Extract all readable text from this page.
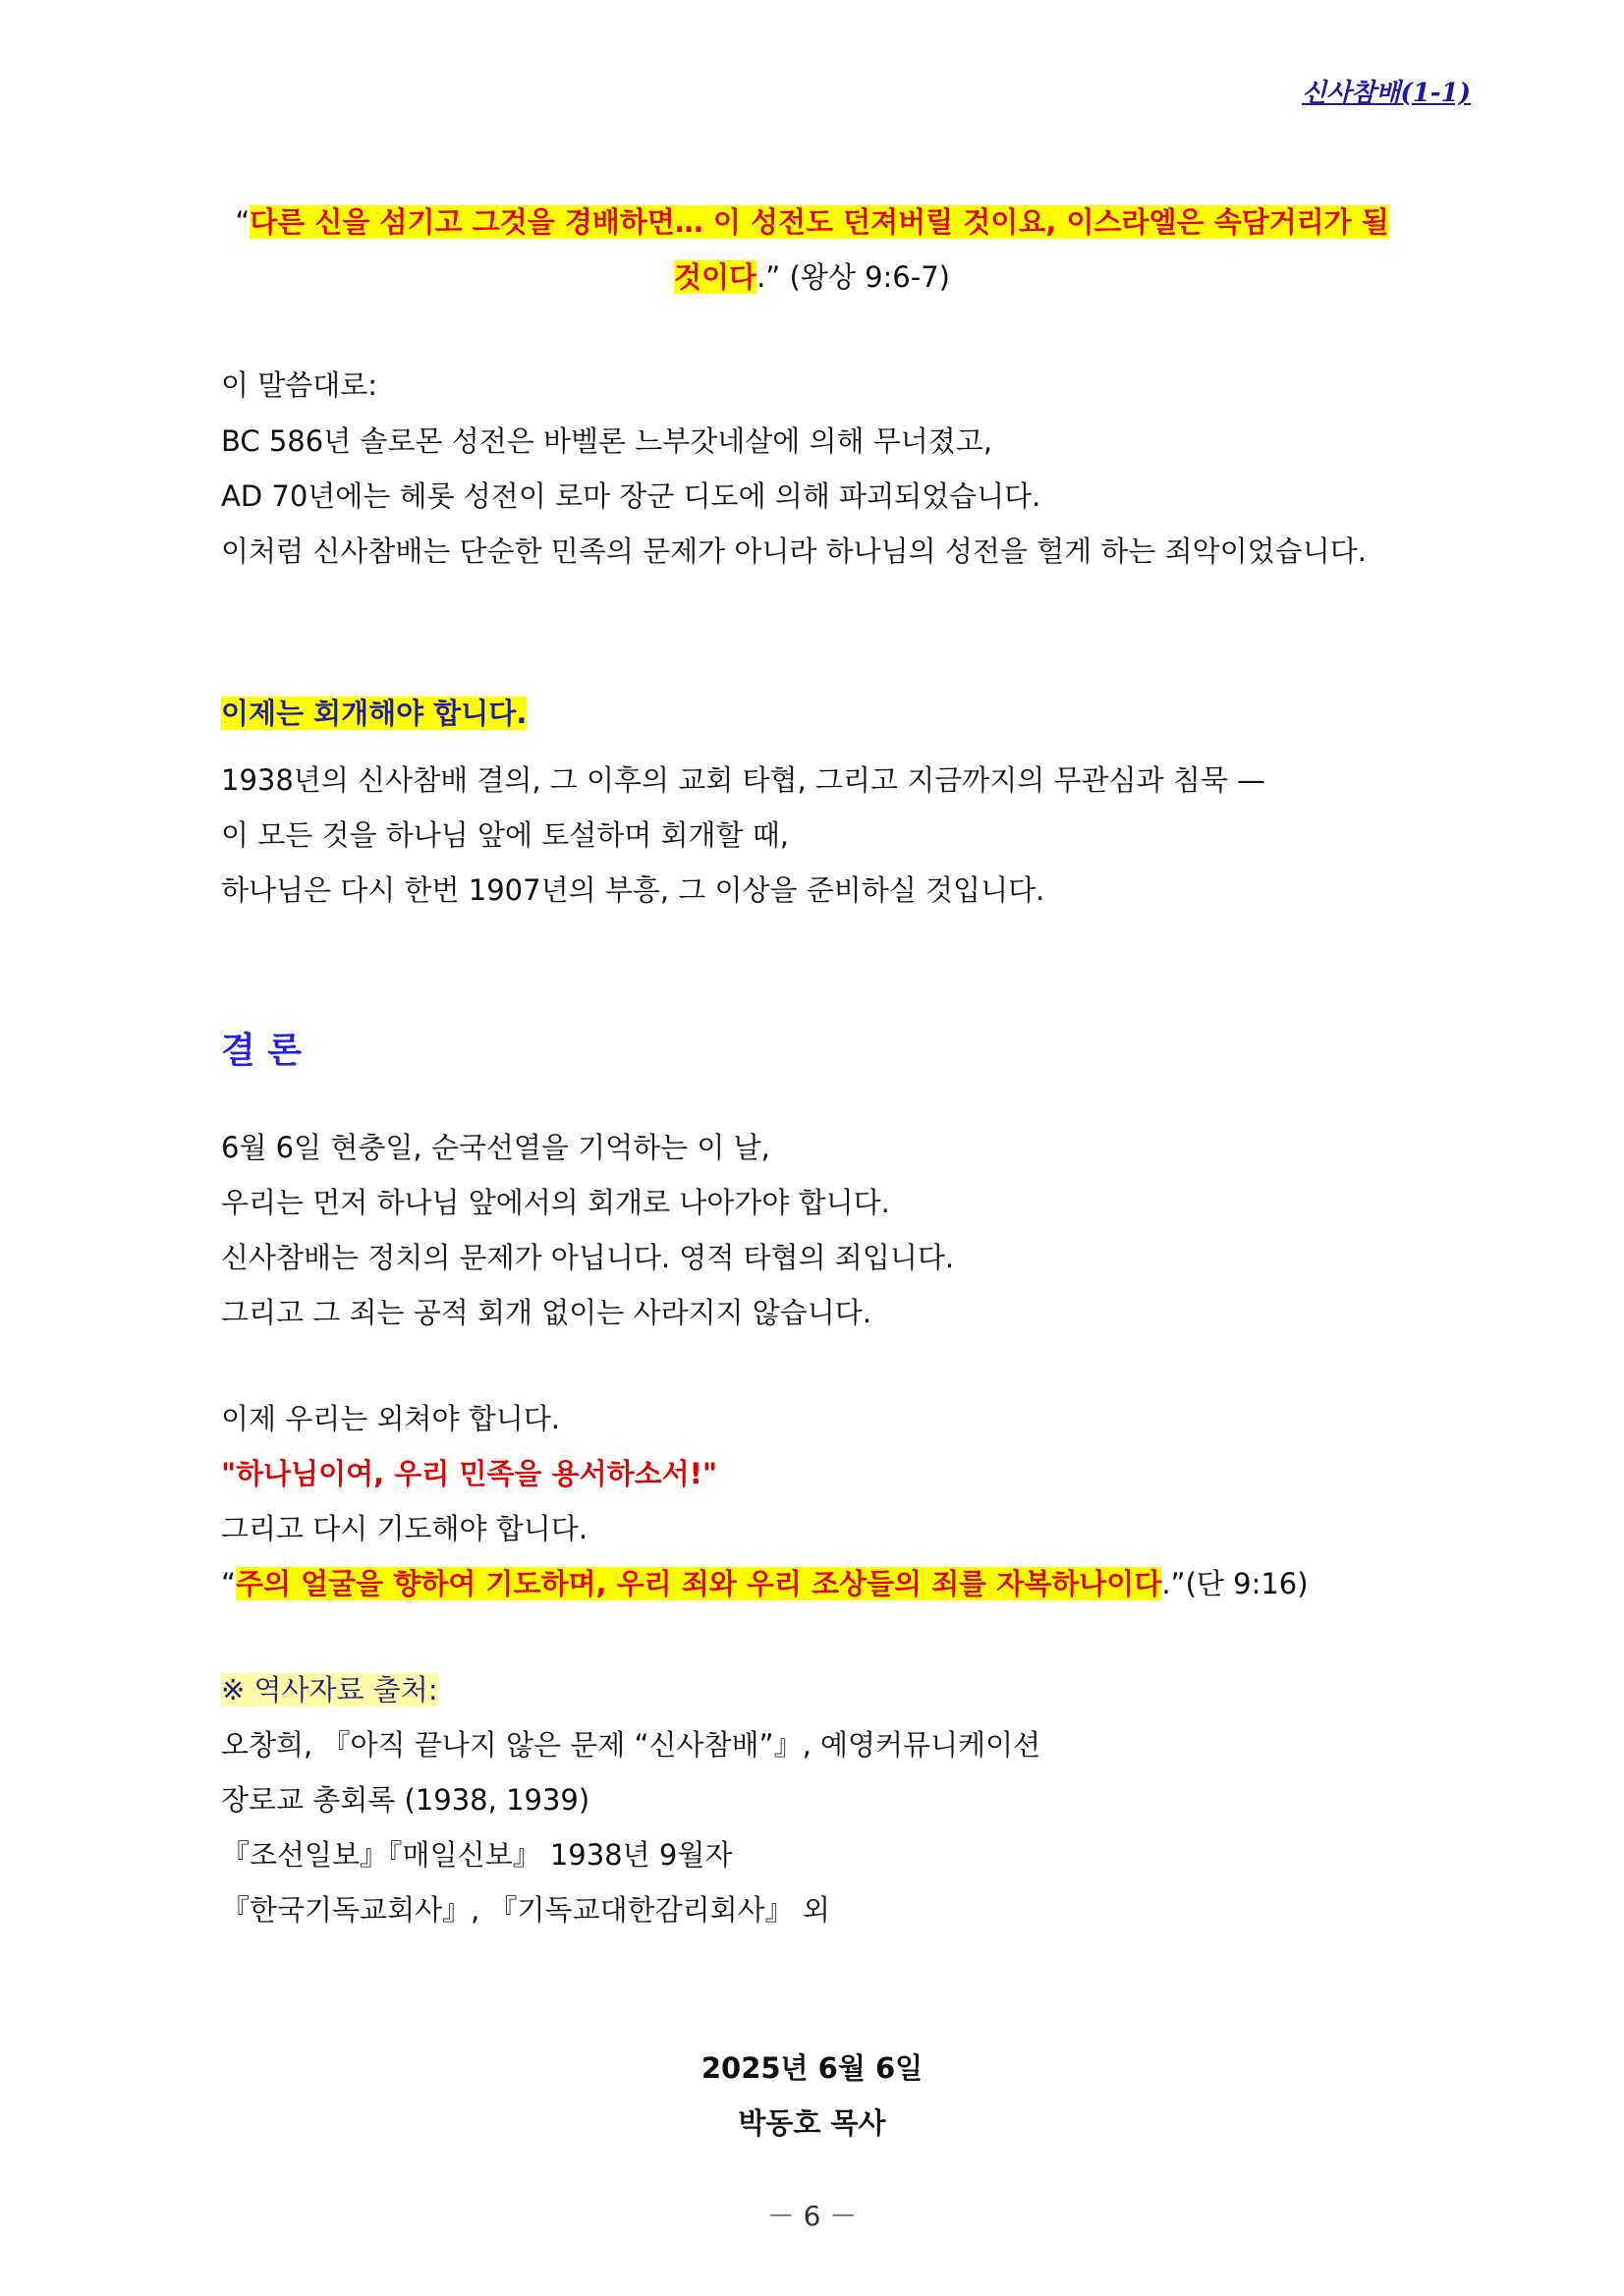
신사참배(1-1)
“다른 신을 섬기고 그것을 경배하면… 이 성전도 던져버릴 것이요, 이스라엘은 속담거리가 될
것이다.” (왕상 9:6-7)
이 말씀대로:
BC 586년 솔로몬 성전은 바벨론 느부갓네살에 의해 무너졌고,
AD 70년에는 헤롯 성전이 로마 장군 디도에 의해 파괴되었습니다.
이처럼 신사참배는 단순한 민족의 문제가 아니라 하나님의 성전을 헐게 하는 죄악이었습니다.
이제는 회개해야 합니다.
1938년의 신사참배 결의, 그 이후의 교회 타협, 그리고 지금까지의 무관심과 침묵 —
이 모든 것을 하나님 앞에 토설하며 회개할 때,
하나님은 다시 한번 1907년의 부흥, 그 이상을 준비하실 것입니다.
결 론
6월 6일 현충일, 순국선열을 기억하는 이 날,
우리는 먼저 하나님 앞에서의 회개로 나아가야 합니다.
신사참배는 정치의 문제가 아닙니다. 영적 타협의 죄입니다.
그리고 그 죄는 공적 회개 없이는 사라지지 않습니다.
이제 우리는 외쳐야 합니다.
"하나님이여, 우리 민족을 용서하소서!"
그리고 다시 기도해야 합니다.
“주의 얼굴을 향하여 기도하며, 우리 죄와 우리 조상들의 죄를 자복하나이다.”(단 9:16)
※ 역사자료 출처:
오창희, 『아직 끝나지 않은 문제 “신사참배”』, 예영커뮤니케이션
장로교 총회록 (1938, 1939)
『조선일보』『매일신보』 1938년 9월자
『한국기독교회사』, 『기독교대한감리회사』 외
2025년 6월 6일
박동호 목사
－ 6 －
